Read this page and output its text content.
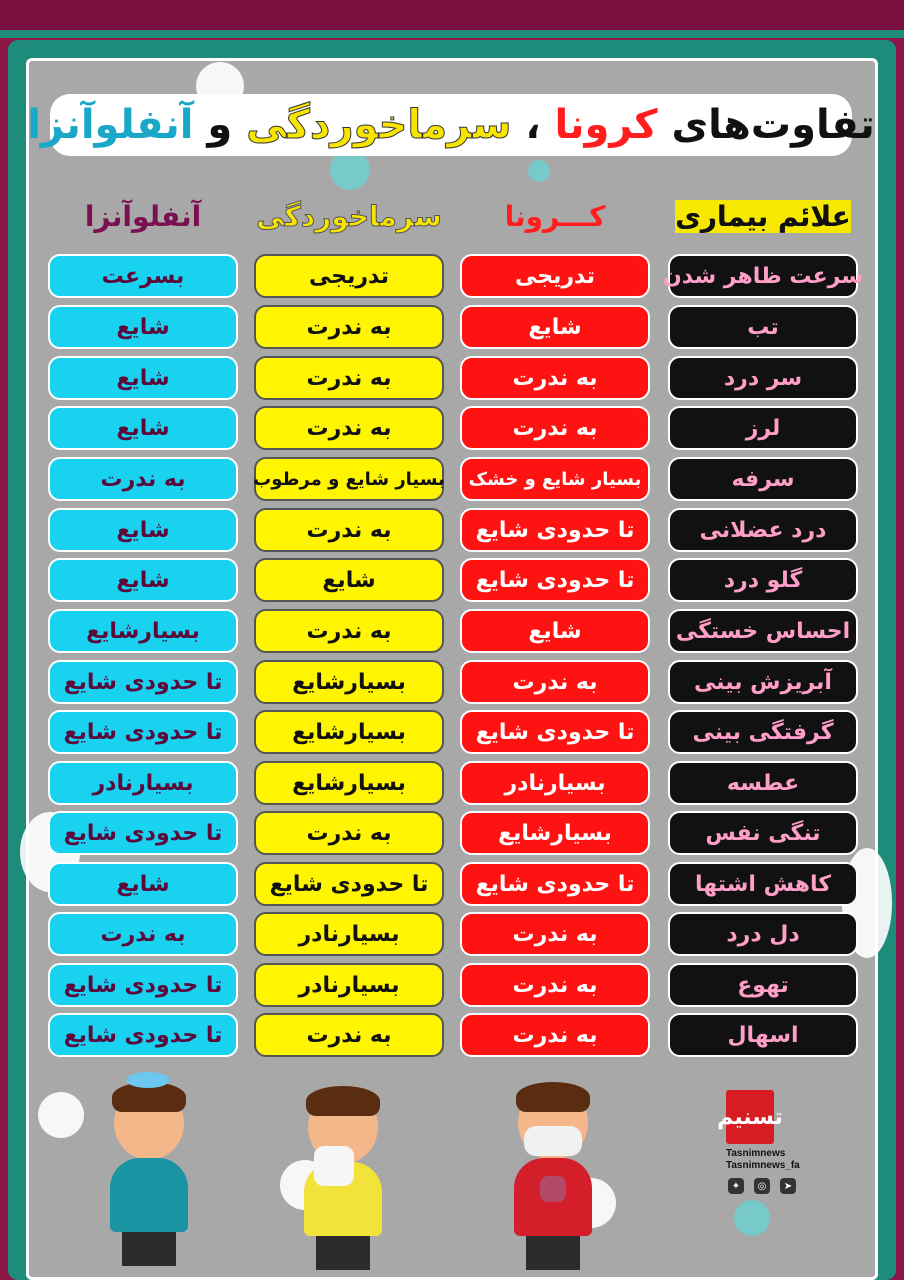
تفاوت‌های

کرونا

،

سرماخوردگی

و

آنفلوآنزا
علائم بیماری
کـــرونا
سرماخوردگی
آنفلوآنزا
سرعت ظاهر شدن
تدریجی
تدریجی
بسرعت
تب
شایع
به ندرت
شایع
سر درد
به ندرت
به ندرت
شایع
لرز
به ندرت
به ندرت
شایع
سرفه
بسیار شایع و خشک
بسیار شایع و مرطوب
به ندرت
درد عضلانی
تا حدودی شایع
به ندرت
شایع
گلو درد
تا حدودی شایع
شایع
شایع
احساس خستگی
شایع
به ندرت
بسیارشایع
آبریزش بینی
به ندرت
بسیارشایع
تا حدودی شایع
گرفتگی بینی
تا حدودی شایع
بسیارشایع
تا حدودی شایع
عطسه
بسیارنادر
بسیارشایع
بسیارنادر
تنگی نفس
بسیارشایع
به ندرت
تا حدودی شایع
کاهش اشتها
تا حدودی شایع
تا حدودی شایع
شایع
دل درد
به ندرت
بسیارنادر
به ندرت
تهوع
به ندرت
بسیارنادر
تا حدودی شایع
اسهال
به ندرت
به ندرت
تا حدودی شایع
تسنیم
Tasnimnews
Tasnimnews_fa
✦	◎	➤
